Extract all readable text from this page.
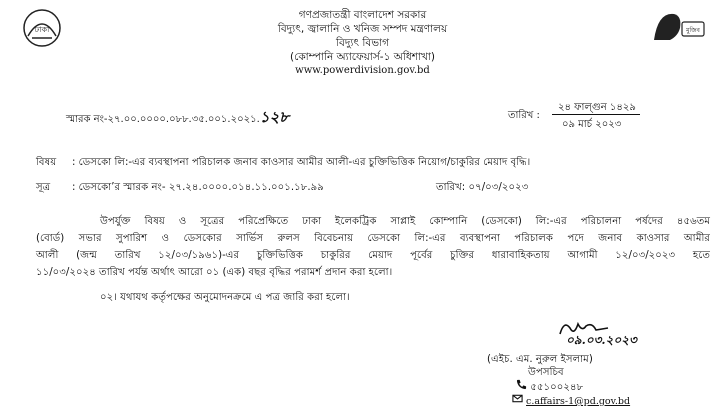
ঢাকা	মুজিব
গণপ্রজাতন্ত্রী বাংলাদেশ সরকার
বিদ্যুৎ, জ্বালানি ও খনিজ সম্পদ মন্ত্রণালয়
বিদ্যুৎ বিভাগ
(কোম্পানি অ্যাফেয়ার্স-১ অধিশাখা)
www.powerdivision.gov.bd
স্মারক নং-২৭.০০.০০০০.০৮৮.৩৫.০০১.২০২১.১২৮	তারিখ :
২৪ ফাল্গুন ১৪২৯
০৯ মার্চ ২০২৩
বিষয় : ডেসকো লি:-এর ব্যবস্থাপনা পরিচালক জনাব কাওসার আমীর আলী-এর চুক্তিভিত্তিক নিয়োগ/চাকুরির মেয়াদ বৃদ্ধি।
সূত্র : ডেসকো’র স্মারক নং- ২৭.২৪.০০০০.০১৪.১১.০০১.১৮.৯৯	তারিখ: ০৭/০৩/২০২৩
উপর্যুক্ত বিষয় ও সূত্রের পরিপ্রেক্ষিতে ঢাকা ইলেকট্রিক সাপ্লাই কোম্পানি (ডেসকো) লি:-এর পরিচালনা পর্ষদের ৪৫৬তম
(বোর্ড) সভার সুপারিশ ও ডেসকোর সার্ভিস রুলস বিবেচনায় ডেসকো লি:-এর ব্যবস্থাপনা পরিচালক পদে জনাব কাওসার আমীর
আলী (জন্ম তারিখ ১২/০৩/১৯৬১)-এর চুক্তিভিত্তিক চাকুরির মেয়াদ পূর্বের চুক্তির ধারাবাহিকতায় আগামী ১২/০৩/২০২৩ হতে
১১/০৩/২০২৪ তারিখ পর্যন্ত অর্থাৎ আরো ০১ (এক) বছর বৃদ্ধির পরামর্শ প্রদান করা হলো।
০২। যথাযথ কর্তৃপক্ষের অনুমোদনক্রমে এ পত্র জারি করা হলো।
০৯.০৩.২০২৩
(এইচ. এম. নুরুল ইসলাম)
উপসচিব
৫৫১০০২৪৮
c.affairs-1@pd.gov.bd
